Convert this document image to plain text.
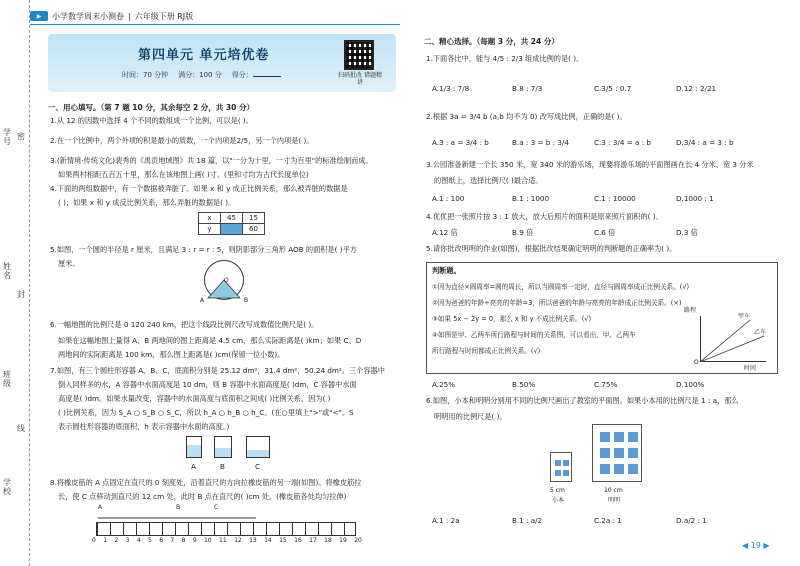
学号
姓名
班级
学校
密
封
线
▶	小学数学周末小测卷 | 六年级下册 RJ版
第四单元 单元培优卷
时间：70 分钟 满分：100 分 得分：	扫码批改 错题精讲
一、用心填写。（第 7 题 10 分，其余每空 2 分，共 30 分）
1.从 12 的因数中选择 4 个不同的数组成一个比例，可以是( )。
2.在一个比例中，两个外项的积是最小的质数，一个内项是2/5，另一个内项是( )。
3.(新情境·传统文化)裴秀的《禹贡地域图》共 18 篇，以"一分为十里，一寸为百里"的标准绘制而成。
如果两村相距五百五十里，那么在该地图上画( )寸。(里和寸均为古代长度单位)
4.下面的两组数据中，有一个数据被弄脏了。如果 x 和 y 成正比例关系，那么被弄脏的数据是
( )；如果 x 和 y 成反比例关系，那么弄脏的数据是( )。
x	45	15
y		60
5.如图，一个圆的半径是 r 厘米，且满足 3 : r = r : 5，则阴影部分三角形 AOB 的面积是( )平方
厘米。
O
A	B
6.一幅地图的比例尺是 0 120 240 km，把这个线段比例尺改写成数值比例尺是( )。
如果在这幅地图上量得 A、B 两地间的图上距离是 4.5 cm，那么实际距离是( )km；如果 C、D
两地间的实际距离是 100 km，那么图上距离是( )cm(保留一位小数)。
7.如图，有三个圆柱形容器 A、B、C，底面积分别是 25.12 dm²，31.4 dm²，50.24 dm²。三个容器中
倒入同样多的水，A 容器中水面高度是 10 dm，则 B 容器中水面高度是( )dm，C 容器中水面
高度是( )dm。如果水量改变，容器中的水面高度与底面积之间成( )比例关系，因为( )
( )比例关系，因为 S_A ○ S_B ○ S_C，所以 h_A ○ h_B ○ h_C。(在○里填上">"或"<"。S
表示圆柱形容器的底面积，h 表示容器中水面的高度。)
A	B	C
8.将橡皮筋的 A 点固定在直尺的 0 刻度处，沿着直尺的方向拉橡皮筋的另一端(如图)。将橡皮筋拉
长，使 C 点移动到直尺的 12 cm 处，此时 B 点在直尺的( )cm 处。(橡皮筋各处均匀拉伸)
A	B	C
0 1 2 3 4 5 6 7 8 9 10 11 12 13 14 15 16 17 18 19 20
二、精心选择。（每题 3 分，共 24 分）
1.下面各比中，能与 4/5 : 2/3 组成比例的是( )。
A.1/3 : 7/8	B.8 : 7/3	C.3/5 : 0.7	D.12 : 2/21
2.根据 3a = 3/4 b (a,b 均不为 0) 改写成比例，正确的是( )。
A.3 : a = 3/4 : b	B.a : 3 = b : 3/4	C.3 : 3/4 = a : b	D.3/4 : a = 3 : b
3.公园准备新建一个长 350 米，宽 340 米的游乐场，现要将游乐场的平面图画在长 4 分米、宽 3 分米
的图纸上，选择比例尺( )最合适。
A.1 : 100	B.1 : 1000	C.1 : 10000	D.1000 : 1
4.优优把一张照片按 3 : 1 放大，放大后照片的面积是原来照片面积的( )。
A.12 倍	B.9 倍	C.6 倍	D.3 倍
5.请你批改明明的作业(如图)，根据批改结果确定明明的判断题的正确率为( )。
判断题。
①因为直径×圆周率=圆的周长，所以当圆周率一定时，直径与圆周率成正比例关系。(√)
②因为爸爸的年龄÷亮亮的年龄=3，所以爸爸的年龄与亮亮的年龄成正比例关系。(×)
③如果 5x − 2y = 0，那么 x 和 y 不成比例关系。(√)
④如图是甲、乙两车所行路程与时间的关系图，可以看出，甲、乙两车
所行路程与时间都成正比例关系。(√)
路程
时间
甲车
乙车
O
A.25%	B.50%	C.75%	D.100%
6.如图，小本和明明分别用不同的比例尺画出了教室的平面图。如果小本用的比例尺是 1 : a，那么
明明用的比例尺是( )。
5 cm
小本
10 cm
明明
A.1 : 2a	B.1 : a/2	C.2a : 1	D.a/2 : 1
◀ 19 ▶
